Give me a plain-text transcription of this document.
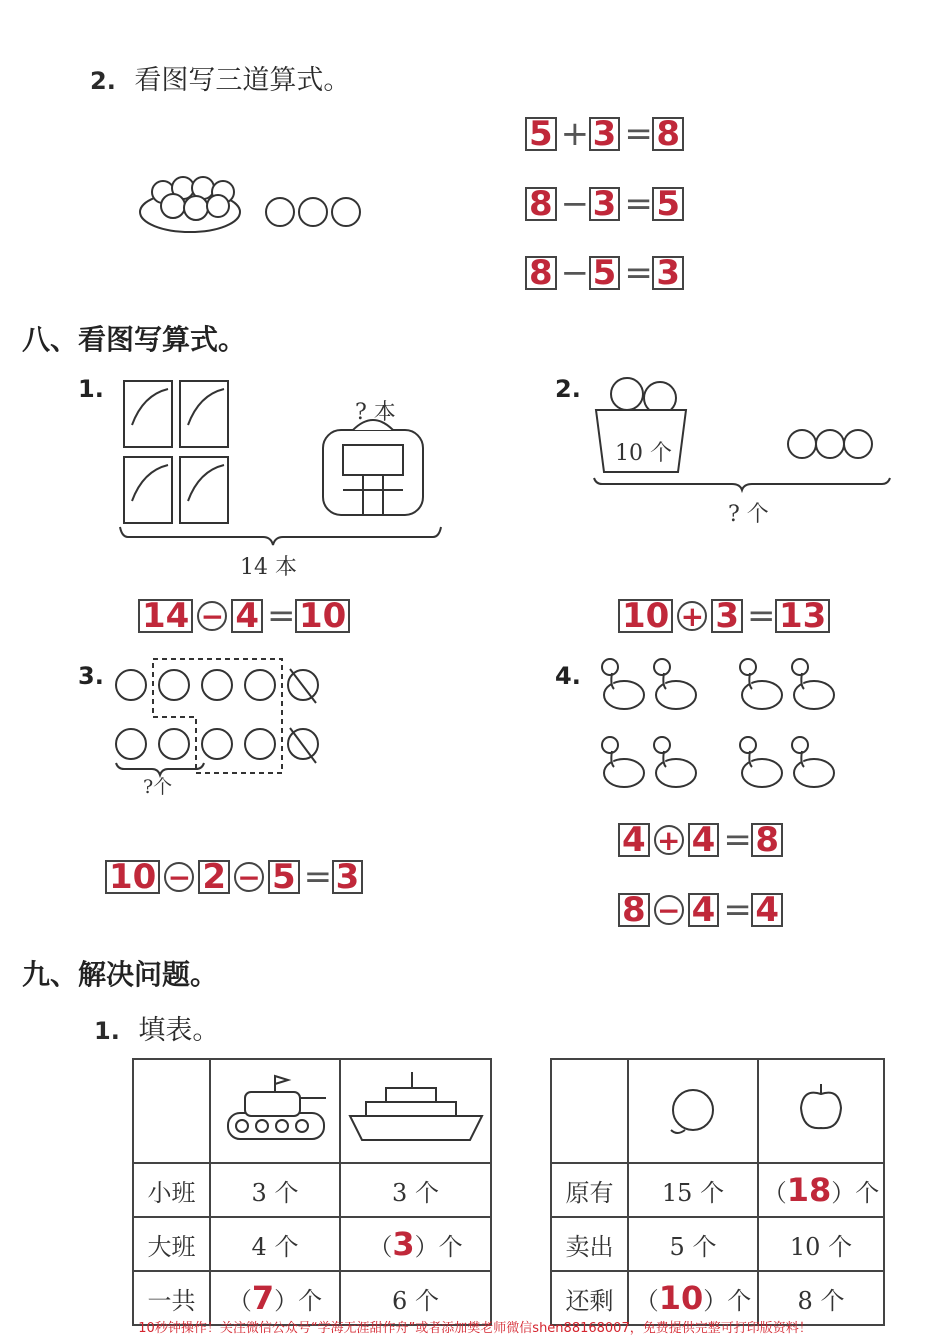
2. 看图写三道算式。
5 + 3 = 8
8 − 3 = 5
8 − 5 = 3
八、看图写算式。
1.
? 本
14 本
14 − 4 = 10
2.
10 个
? 个
10 + 3 = 13
3.
?个
10 − 2 − 5 = 3
4.
4 + 4 = 8
8 − 4 = 4
九、解决问题。
1. 填表。

小班	3 个	3 个
大班	4 个	（3）个
一共	（7）个	6 个

原有	15 个	（18）个
卖出	5 个	10 个
还剩	（10）个	8 个
10秒钟操作！关注微信公众号“学海无涯甜作舟”或者添加樊老师微信shen88168007，免费提供完整可打印版资料！
